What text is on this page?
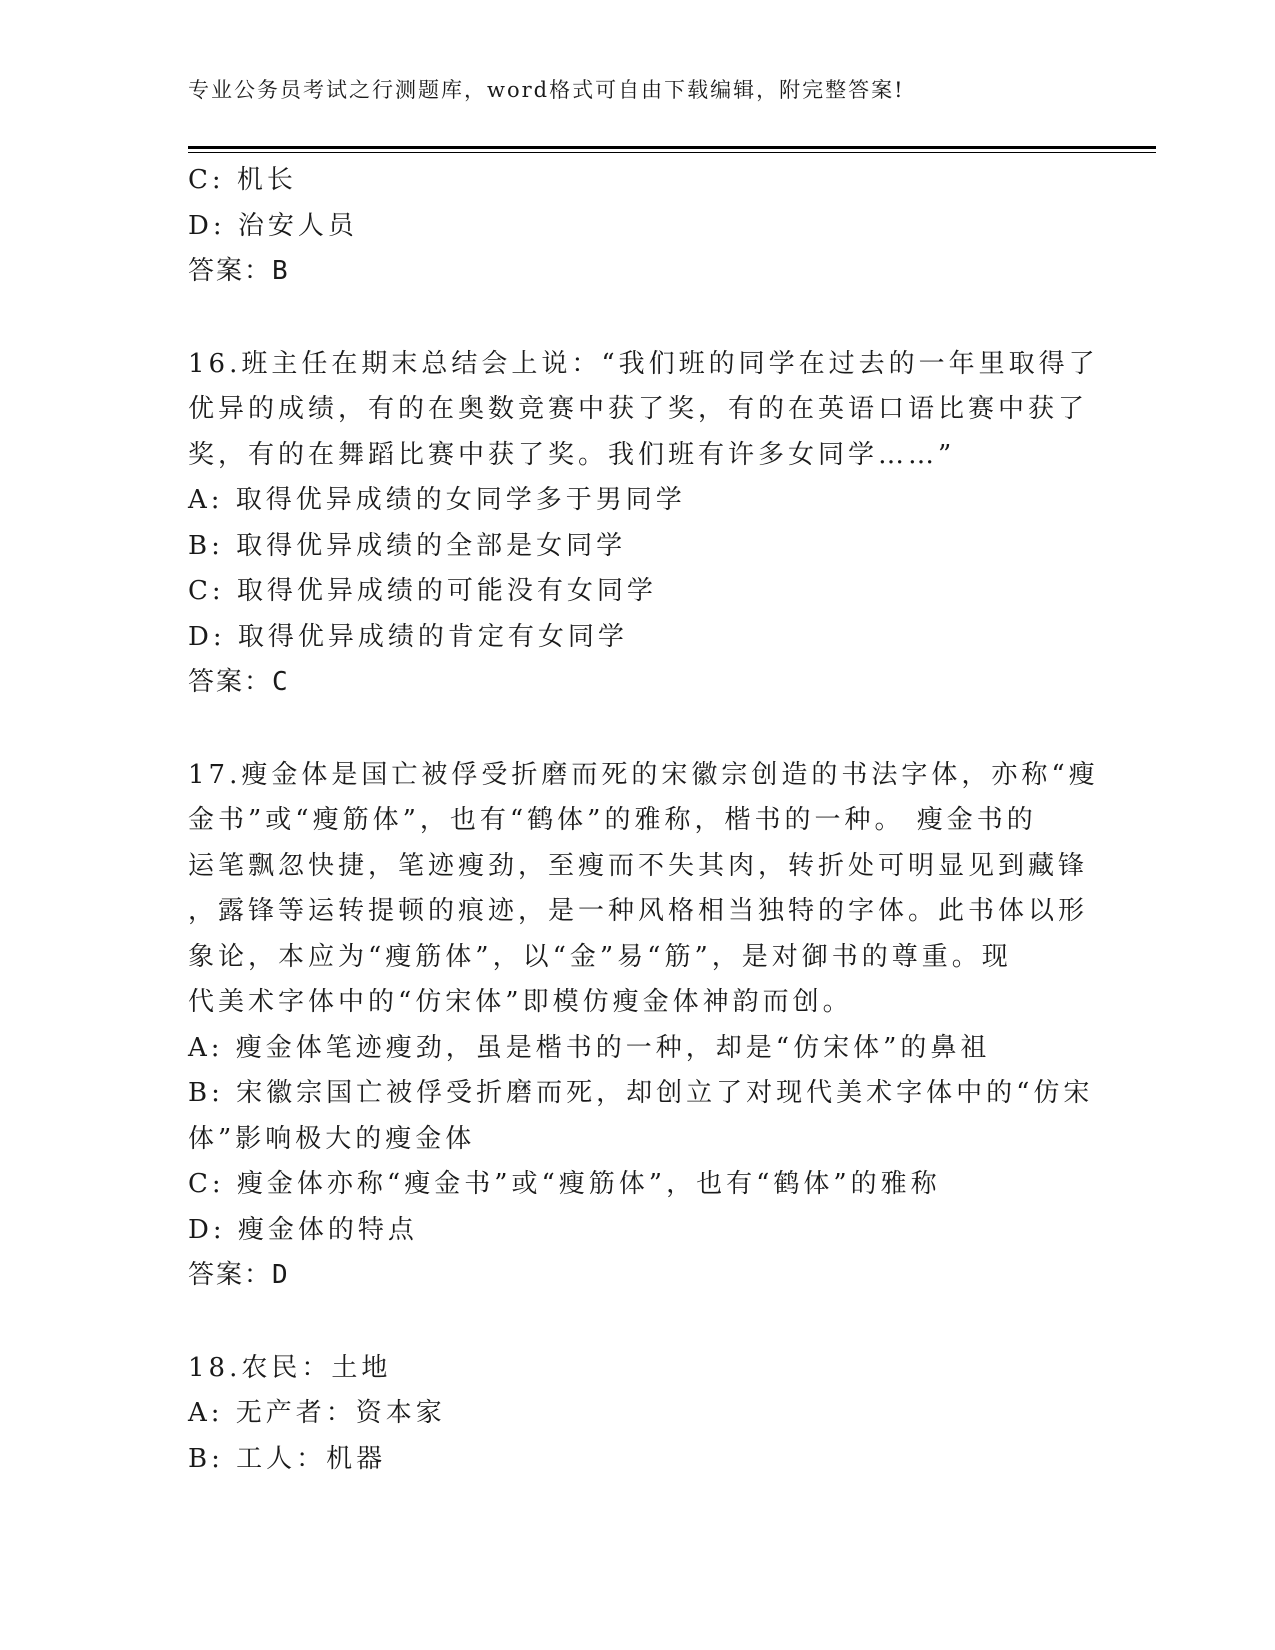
专业公务员考试之行测题库，word格式可自由下载编辑，附完整答案!
C: 机长
D: 治安人员
答案：B
16.班主任在期末总结会上说：“我们班的同学在过去的一年里取得了
优异的成绩，有的在奥数竞赛中获了奖，有的在英语口语比赛中获了
奖，有的在舞蹈比赛中获了奖。我们班有许多女同学……”
A: 取得优异成绩的女同学多于男同学
B: 取得优异成绩的全部是女同学
C: 取得优异成绩的可能没有女同学
D: 取得优异成绩的肯定有女同学
答案：C
17.瘦金体是国亡被俘受折磨而死的宋徽宗创造的书法字体，亦称“瘦
金书”或“瘦筋体”，也有“鹤体”的雅称，楷书的一种。 瘦金书的
运笔飘忽快捷，笔迹瘦劲，至瘦而不失其肉，转折处可明显见到藏锋
，露锋等运转提顿的痕迹，是一种风格相当独特的字体。此书体以形
象论，本应为“瘦筋体”，以“金”易“筋”，是对御书的尊重。现
代美术字体中的“仿宋体”即模仿瘦金体神韵而创。
A: 瘦金体笔迹瘦劲，虽是楷书的一种，却是“仿宋体”的鼻祖
B: 宋徽宗国亡被俘受折磨而死，却创立了对现代美术字体中的“仿宋
体”影响极大的瘦金体
C: 瘦金体亦称“瘦金书”或“瘦筋体”，也有“鹤体”的雅称
D: 瘦金体的特点
答案：D
18.农民：土地
A: 无产者：资本家
B: 工人：机器
